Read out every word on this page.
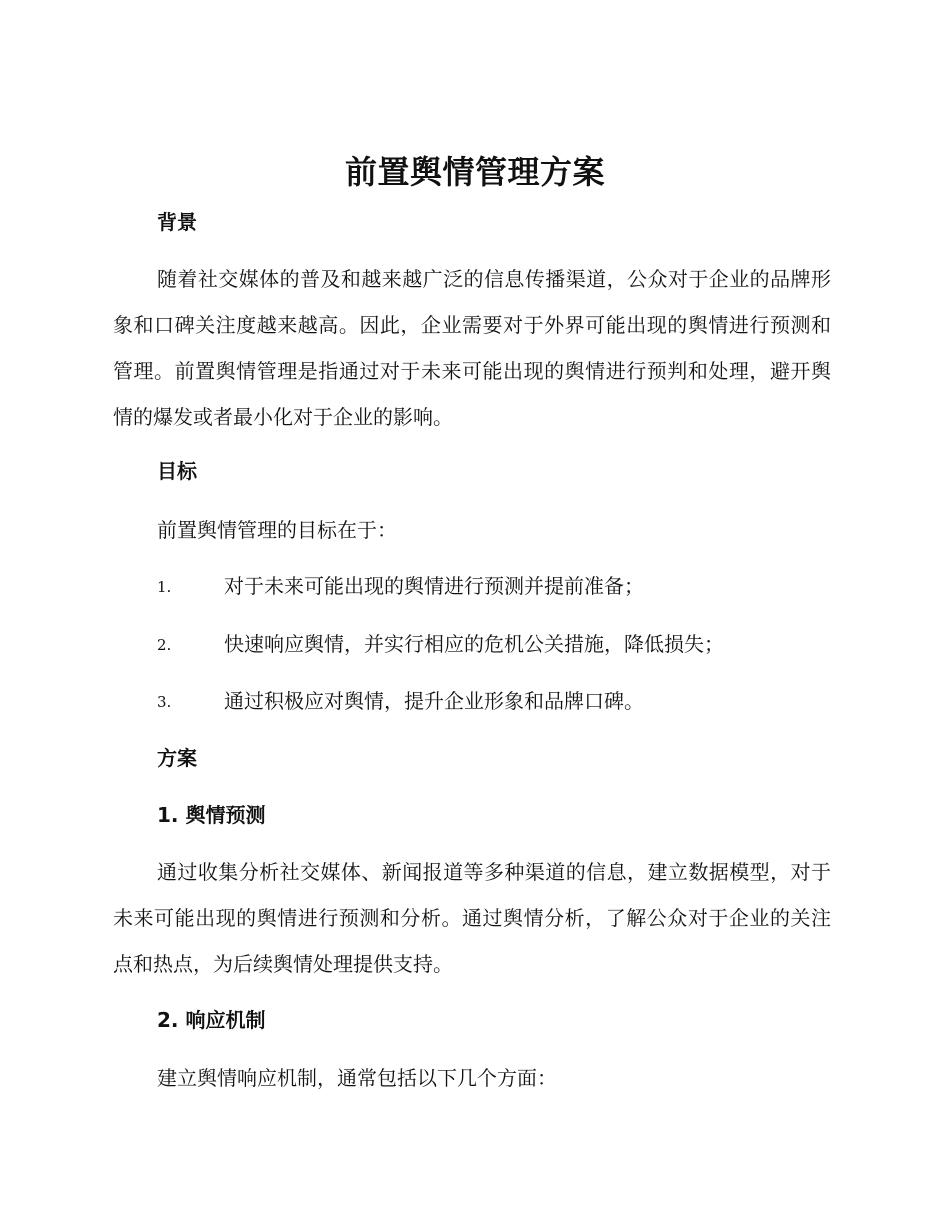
前置舆情管理方案
背景

随着社交媒体的普及和越来越广泛的信息传播渠道，公众对于企业的品牌形象和口碑关注度越来越高。因此，企业需要对于外界可能出现的舆情进行预测和管理。前置舆情管理是指通过对于未来可能出现的舆情进行预判和处理，避开舆情的爆发或者最小化对于企业的影响。

目标
前置舆情管理的目标在于：
1.	对于未来可能出现的舆情进行预测并提前准备；
2.	快速响应舆情，并实行相应的危机公关措施，降低损失；
3.	通过积极应对舆情，提升企业形象和品牌口碑。
方案
1. 舆情预测

通过收集分析社交媒体、新闻报道等多种渠道的信息，建立数据模型，对于未来可能出现的舆情进行预测和分析。通过舆情分析，了解公众对于企业的关注点和热点，为后续舆情处理提供支持。

2. 响应机制
建立舆情响应机制，通常包括以下几个方面：
